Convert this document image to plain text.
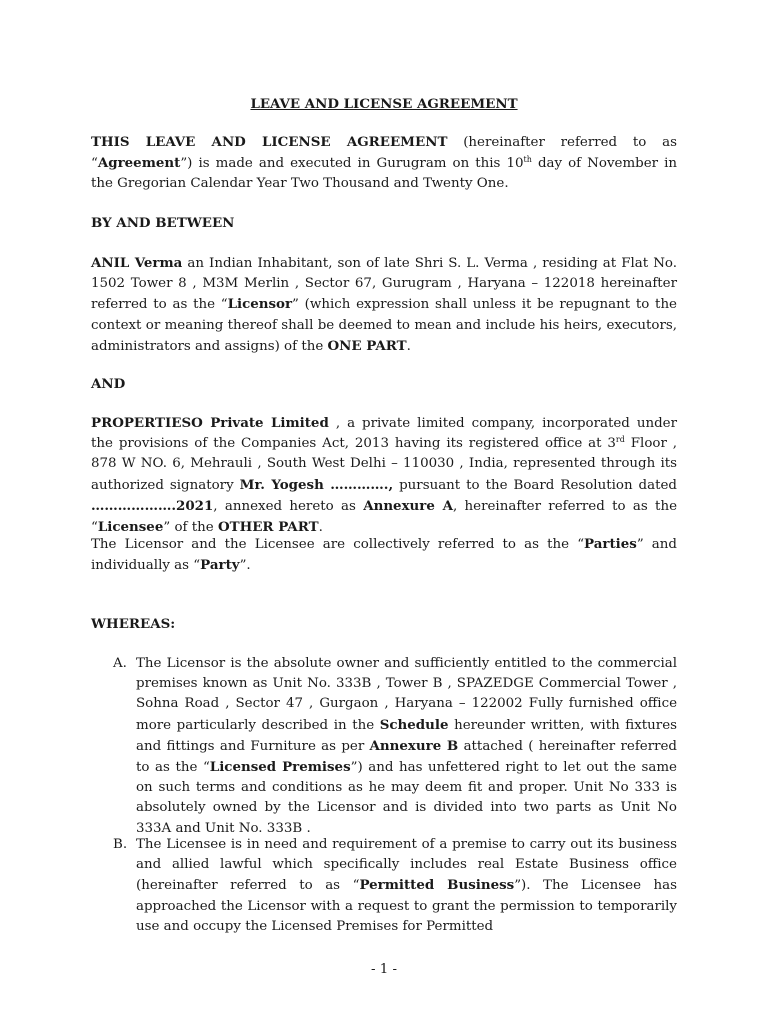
LEAVE AND LICENSE AGREEMENT

THIS LEAVE AND LICENSE AGREEMENT (hereinafter referred to as “Agreement”) is made and executed in Gurugram on this 10th day of November in the Gregorian Calendar Year Two Thousand and Twenty One.

BY AND BETWEEN

ANIL Verma an Indian Inhabitant, son of late Shri S. L. Verma , residing at Flat No. 1502 Tower 8 , M3M Merlin , Sector 67, Gurugram , Haryana – 122018 hereinafter referred to as the “Licensor” (which expression shall unless it be repugnant to the context or meaning thereof shall be deemed to mean and include his heirs, executors, administrators and assigns) of the ONE PART.

AND

PROPERTIESO Private Limited , a private limited company, incorporated under the provisions of the Companies Act, 2013 having its registered office at 3rd Floor , 878 W NO. 6, Mehrauli , South West Delhi – 110030 , India, represented through its authorized signatory Mr. Yogesh …………., pursuant to the Board Resolution dated ……………….2021, annexed hereto as Annexure A, hereinafter referred to as the “Licensee” of the OTHER PART.

The Licensor and the Licensee are collectively referred to as the “Parties” and individually as “Party”.

WHEREAS:

A. The Licensor is the absolute owner and sufficiently entitled to the commercial premises known as Unit No. 333B , Tower B , SPAZEDGE Commercial Tower , Sohna Road , Sector 47 , Gurgaon , Haryana – 122002 Fully furnished office more particularly described in the Schedule hereunder written, with fixtures and fittings and Furniture as per Annexure B attached ( hereinafter referred to as the “Licensed Premises”) and has unfettered right to let out the same on such terms and conditions as he may deem fit and proper. Unit No 333 is absolutely owned by the Licensor and is divided into two parts as Unit No 333A and Unit No. 333B .
B. The Licensee is in need and requirement of a premise to carry out its business and allied lawful which specifically includes real Estate Business office (hereinafter referred to as “Permitted Business”). The Licensee has approached the Licensor with a request to grant the permission to temporarily use and occupy the Licensed Premises for Permitted
- 1 -
